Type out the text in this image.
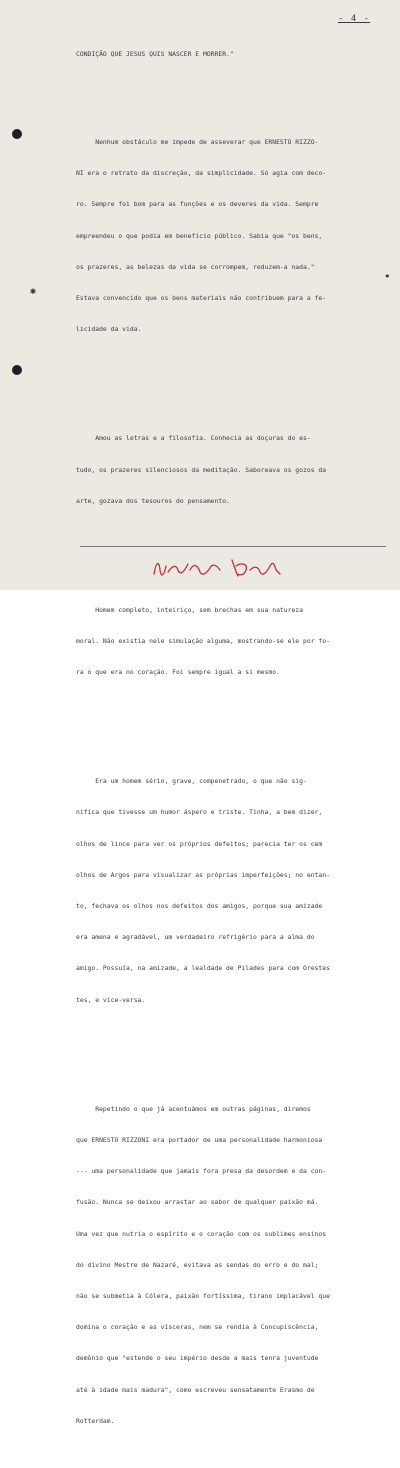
- 4 -
✱
•

CONDIÇÃO QUE JESUS QUIS NASCER E MORRER."

Nenhum obstáculo me impede de asseverar que ERNESTO RIZZO-

NI era o retrato da discreção, da simplicidade. Só agia com deco-

ro. Sempre foi bom para as funções e os deveres da vida. Sempre

empreendeu o que podia em benefício público. Sabia que "os bens,

os prazeres, as belezas da vida se corrompem, reduzem-a nada."

Estava convencido que os bens materiais não contribuem para a fe-

licidade da vida.

Amou as letras e a filosofia. Conhecia as doçuras do es-

tudo, os prazeres silenciosos da meditação. Saboreava os gozos da

arte, gozava dos tesouros do pensamento.

Homem completo, inteiriço, sem brechas em sua natureza

moral. Não existia nele simulação alguma, mostrando-se ele por fo-

ra o que era no coração. Foi sempre igual a si mesmo.

Era um homem sério, grave, compenetrado, o que não sig-

nifica que tivesse um humor áspero e triste. Tinha, a bem dizer,

olhos de lince para ver os próprios defeitos; parecia ter os cem

olhos de Argos para visualizar as próprias imperfeições; no entan-

to, fechava os olhos nos defeitos dos amigos, porque sua amizade

era amena e agradável, um verdadeiro refrigério para a alma do

amigo. Possuía, na amizade, a lealdade de Pilades para com Orestes

tes, e vice-versa.

Repetindo o que já acentuámos em outras páginas, diremos

que ERNESTO RIZZONI era portador de uma personalidade harmoniosa

--- uma personalidade que jamais fora presa da desordem e da con-

fusão. Nunca se deixou arrastar ao sabor de qualquer paixão má.

Uma vez que nutria o espírito e o coração com os sublimes ensinos

do divino Mestre de Nazaré, evitava as sendas do erro e do mal;

não se submetia à Cólera, paixão fortíssima, tirano implacável que

domina o coração e as vísceras, nem se rendia à Concupiscência,

demônio que "estende o seu império desde a mais tenra juventude

até à idade mais madura", como escreveu sensatamente Erasmo de

Rotterdam.
